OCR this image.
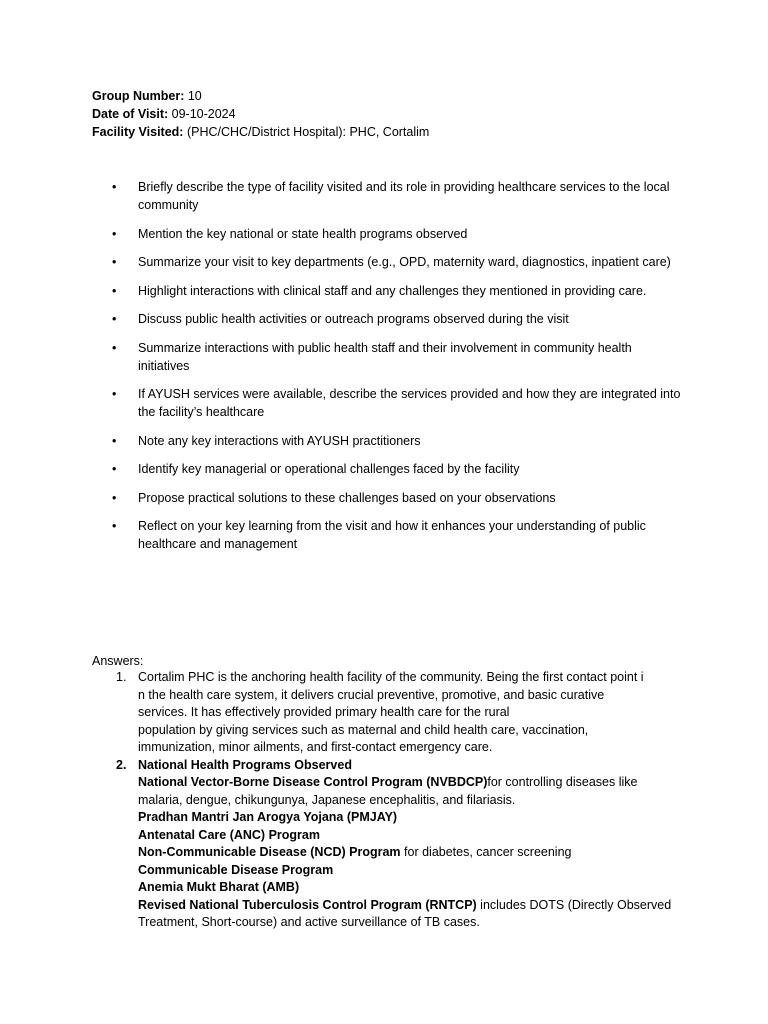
Group Number: 10
Date of Visit: 09-10-2024
Facility Visited: (PHC/CHC/District Hospital): PHC, Cortalim
•	Briefly describe the type of facility visited and its role in providing healthcare services to the local community
•	Mention the key national or state health programs observed
•	Summarize your visit to key departments (e.g., OPD, maternity ward, diagnostics, inpatient care)
•	Highlight interactions with clinical staff and any challenges they mentioned in providing care.
•	Discuss public health activities or outreach programs observed during the visit
•	Summarize interactions with public health staff and their involvement in community health initiatives
•	If AYUSH services were available, describe the services provided and how they are integrated into the facility’s healthcare
•	Note any key interactions with AYUSH practitioners
•	Identify key managerial or operational challenges faced by the facility
•	Propose practical solutions to these challenges based on your observations
•	Reflect on your key learning from the visit and how it enhances your understanding of public healthcare and management
Answers:
1. Cortalim PHC is the anchoring health facility of the community. Being the first contact point i
n the health care system, it delivers crucial preventive, promotive, and basic curative
services. It has effectively provided primary health care for the rural
population by giving services such as maternal and child health care, vaccination,
immunization, minor ailments, and first-contact emergency care.
2. National Health Programs Observed
National Vector-Borne Disease Control Program (NVBDCP)for controlling diseases like
malaria, dengue, chikungunya, Japanese encephalitis, and filariasis.
Pradhan Mantri Jan Arogya Yojana (PMJAY)
Antenatal Care (ANC) Program
Non-Communicable Disease (NCD) Program for diabetes, cancer screening
Communicable Disease Program
Anemia Mukt Bharat (AMB)
Revised National Tuberculosis Control Program (RNTCP) includes DOTS (Directly Observed
Treatment, Short-course) and active surveillance of TB cases.
